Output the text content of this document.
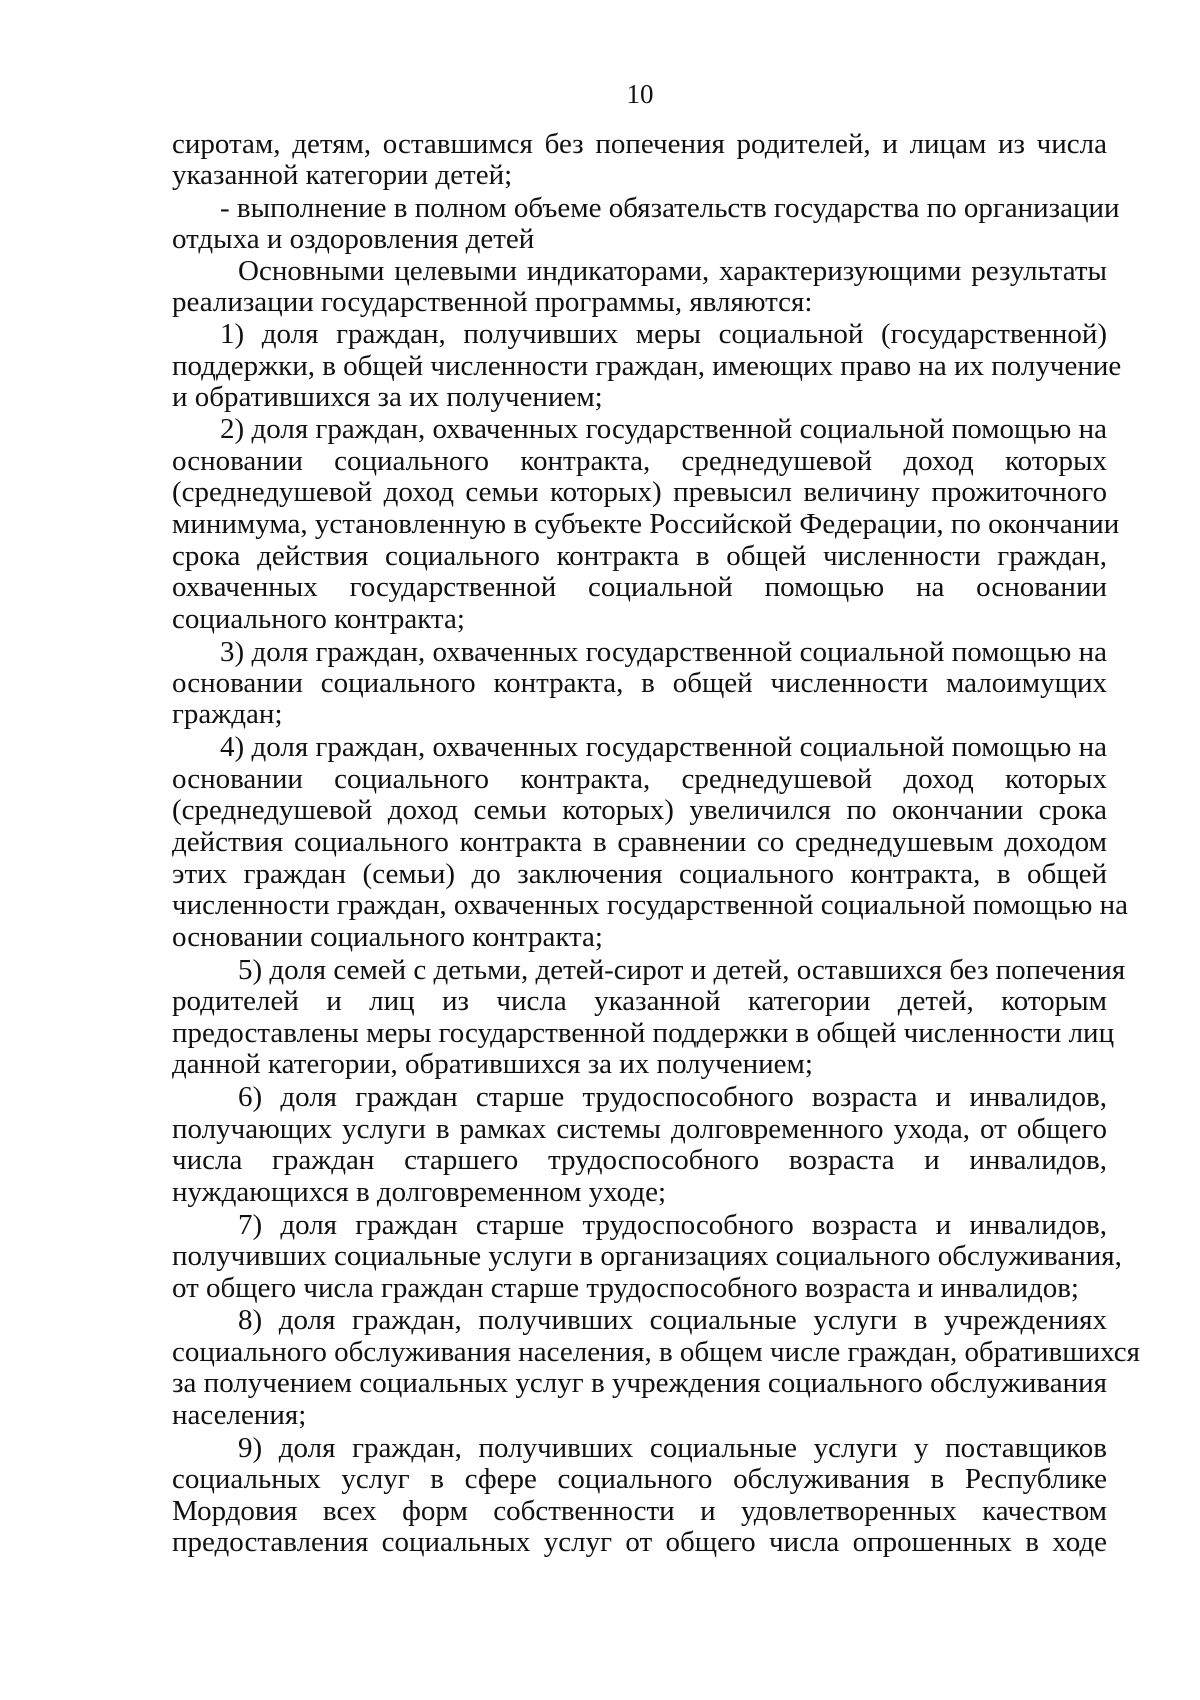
10
сиротам, детям, оставшимся без попечения родителей, и лицам из числа
указанной категории детей;
- выполнение в полном объеме обязательств государства по организации
отдыха и оздоровления детей
Основными целевыми индикаторами, характеризующими результаты
реализации государственной программы, являются:
1) доля граждан, получивших меры социальной (государственной)
поддержки, в общей численности граждан, имеющих право на их получение
и обратившихся за их получением;
2) доля граждан, охваченных государственной социальной помощью на
основании социального контракта, среднедушевой доход которых
(среднедушевой доход семьи которых) превысил величину прожиточного
минимума, установленную в субъекте Российской Федерации, по окончании
срока действия социального контракта в общей численности граждан,
охваченных государственной социальной помощью на основании
социального контракта;
3) доля граждан, охваченных государственной социальной помощью на
основании социального контракта, в общей численности малоимущих
граждан;
4) доля граждан, охваченных государственной социальной помощью на
основании социального контракта, среднедушевой доход которых
(среднедушевой доход семьи которых) увеличился по окончании срока
действия социального контракта в сравнении со среднедушевым доходом
этих граждан (семьи) до заключения социального контракта, в общей
численности граждан, охваченных государственной социальной помощью на
основании социального контракта;
5) доля семей с детьми, детей-сирот и детей, оставшихся без попечения
родителей и лиц из числа указанной категории детей, которым
предоставлены меры государственной поддержки в общей численности лиц
данной категории, обратившихся за их получением;
6) доля граждан старше трудоспособного возраста и инвалидов,
получающих услуги в рамках системы долговременного ухода, от общего
числа граждан старшего трудоспособного возраста и инвалидов,
нуждающихся в долговременном уходе;
7) доля граждан старше трудоспособного возраста и инвалидов,
получивших социальные услуги в организациях социального обслуживания,
от общего числа граждан старше трудоспособного возраста и инвалидов;
8) доля граждан, получивших социальные услуги в учреждениях
социального обслуживания населения, в общем числе граждан, обратившихся
за получением социальных услуг в учреждения социального обслуживания
населения;
9) доля граждан, получивших социальные услуги у поставщиков
социальных услуг в сфере социального обслуживания в Республике
Мордовия всех форм собственности и удовлетворенных качеством
предоставления социальных услуг от общего числа опрошенных в ходе
